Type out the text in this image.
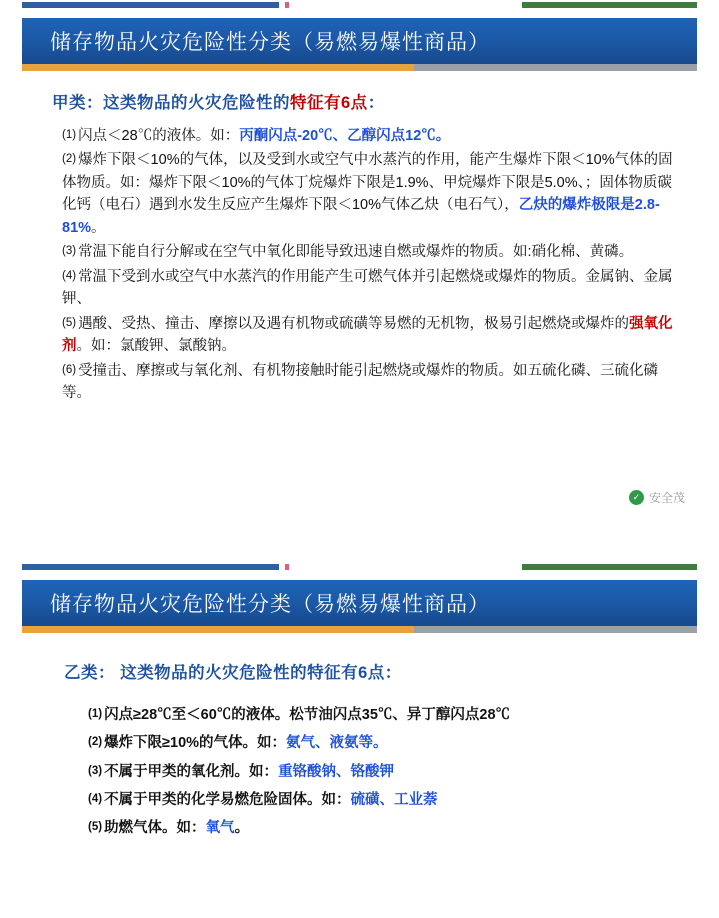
储存物品火灾危险性分类（易燃易爆性商品）
甲类：这类物品的火灾危险性的特征有6点：
(1) 闪点＜28℃的液体。如：丙酮闪点-20℃、乙醇闪点12℃。
(2) 爆炸下限＜10%的气体，以及受到水或空气中水蒸汽的作用，能产生爆炸下限＜10%气体的固体物质。如：爆炸下限＜10%的气体丁烷爆炸下限是1.9%、甲烷爆炸下限是5.0%、；固体物质碳化钙（电石）遇到水发生反应产生爆炸下限＜10%气体乙炔（电石气），乙炔的爆炸极限是2.8-81%。
(3) 常温下能自行分解或在空气中氧化即能导致迅速自燃或爆炸的物质。如:硝化棉、黄磷。
(4) 常温下受到水或空气中水蒸汽的作用能产生可燃气体并引起燃烧或爆炸的物质。金属钠、金属钾、
(5) 遇酸、受热、撞击、摩擦以及遇有机物或硫磺等易燃的无机物，极易引起燃烧或爆炸的强氧化剂。如：氯酸钾、氯酸钠。
(6) 受撞击、摩擦或与氧化剂、有机物接触时能引起燃烧或爆炸的物质。如五硫化磷、三硫化磷等。
✓ 安全茂
储存物品火灾危险性分类（易燃易爆性商品）
乙类： 这类物品的火灾危险性的特征有6点：
(1) 闪点≥28℃至＜60℃的液体。松节油闪点35℃、异丁醇闪点28℃
(2) 爆炸下限≥10%的气体。如：氨气、液氨等。
(3) 不属于甲类的氧化剂。如：重铬酸钠、铬酸钾
(4) 不属于甲类的化学易燃危险固体。如：硫磺、工业萘
(5) 助燃气体。如：氧气。
